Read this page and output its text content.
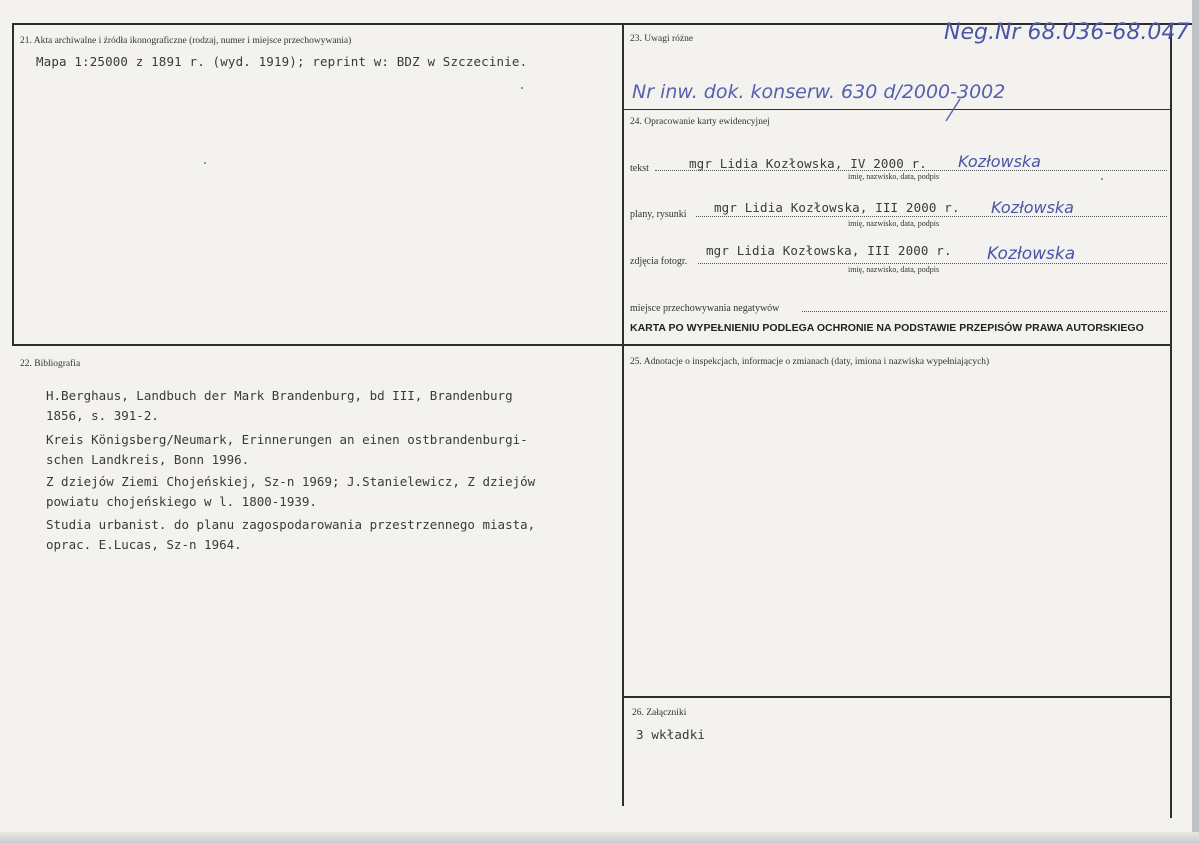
21. Akta archiwalne i źródła ikonograficzne (rodzaj, numer i miejsce przechowywania)
Mapa 1:25000 z 1891 r. (wyd. 1919); reprint w: BDZ w Szczecinie.
22. Bibliografia
H.Berghaus, Landbuch der Mark Brandenburg, bd III, Brandenburg
1856, s. 391-2.
Kreis Königsberg/Neumark, Erinnerungen an einen ostbrandenburgi-
schen Landkreis, Bonn 1996.
Z dziejów Ziemi Chojeńskiej, Sz-n 1969; J.Stanielewicz, Z dziejów
powiatu chojeńskiego w l. 1800-1939.
Studia urbanist. do planu zagospodarowania przestrzennego miasta,
oprac. E.Lucas, Sz-n 1964.
23. Uwagi różne	Neg.Nr 68.036-68.047
Nr inw. dok. konserw. 630 d/2000-3002
24. Opracowanie karty ewidencyjnej
tekst	mgr Lidia Kozłowska, IV 2000 r. Kozłowska
imię, nazwisko, data, podpis
plany, rysunki mgr Lidia Kozłowska, III 2000 r. Kozłowska
imię, nazwisko, data, podpis
zdjęcia fotogr.
mgr Lidia Kozłowska, III 2000 r. Kozłowska
imię, nazwisko, data, podpis
miejsce przechowywania negatywów
KARTA PO WYPEŁNIENIU PODLEGA OCHRONIE NA PODSTAWIE PRZEPISÓW PRAWA AUTORSKIEGO
25. Adnotacje o inspekcjach, informacje o zmianach (daty, imiona i nazwiska wypełniających)
26. Załączniki
3 wkładki
